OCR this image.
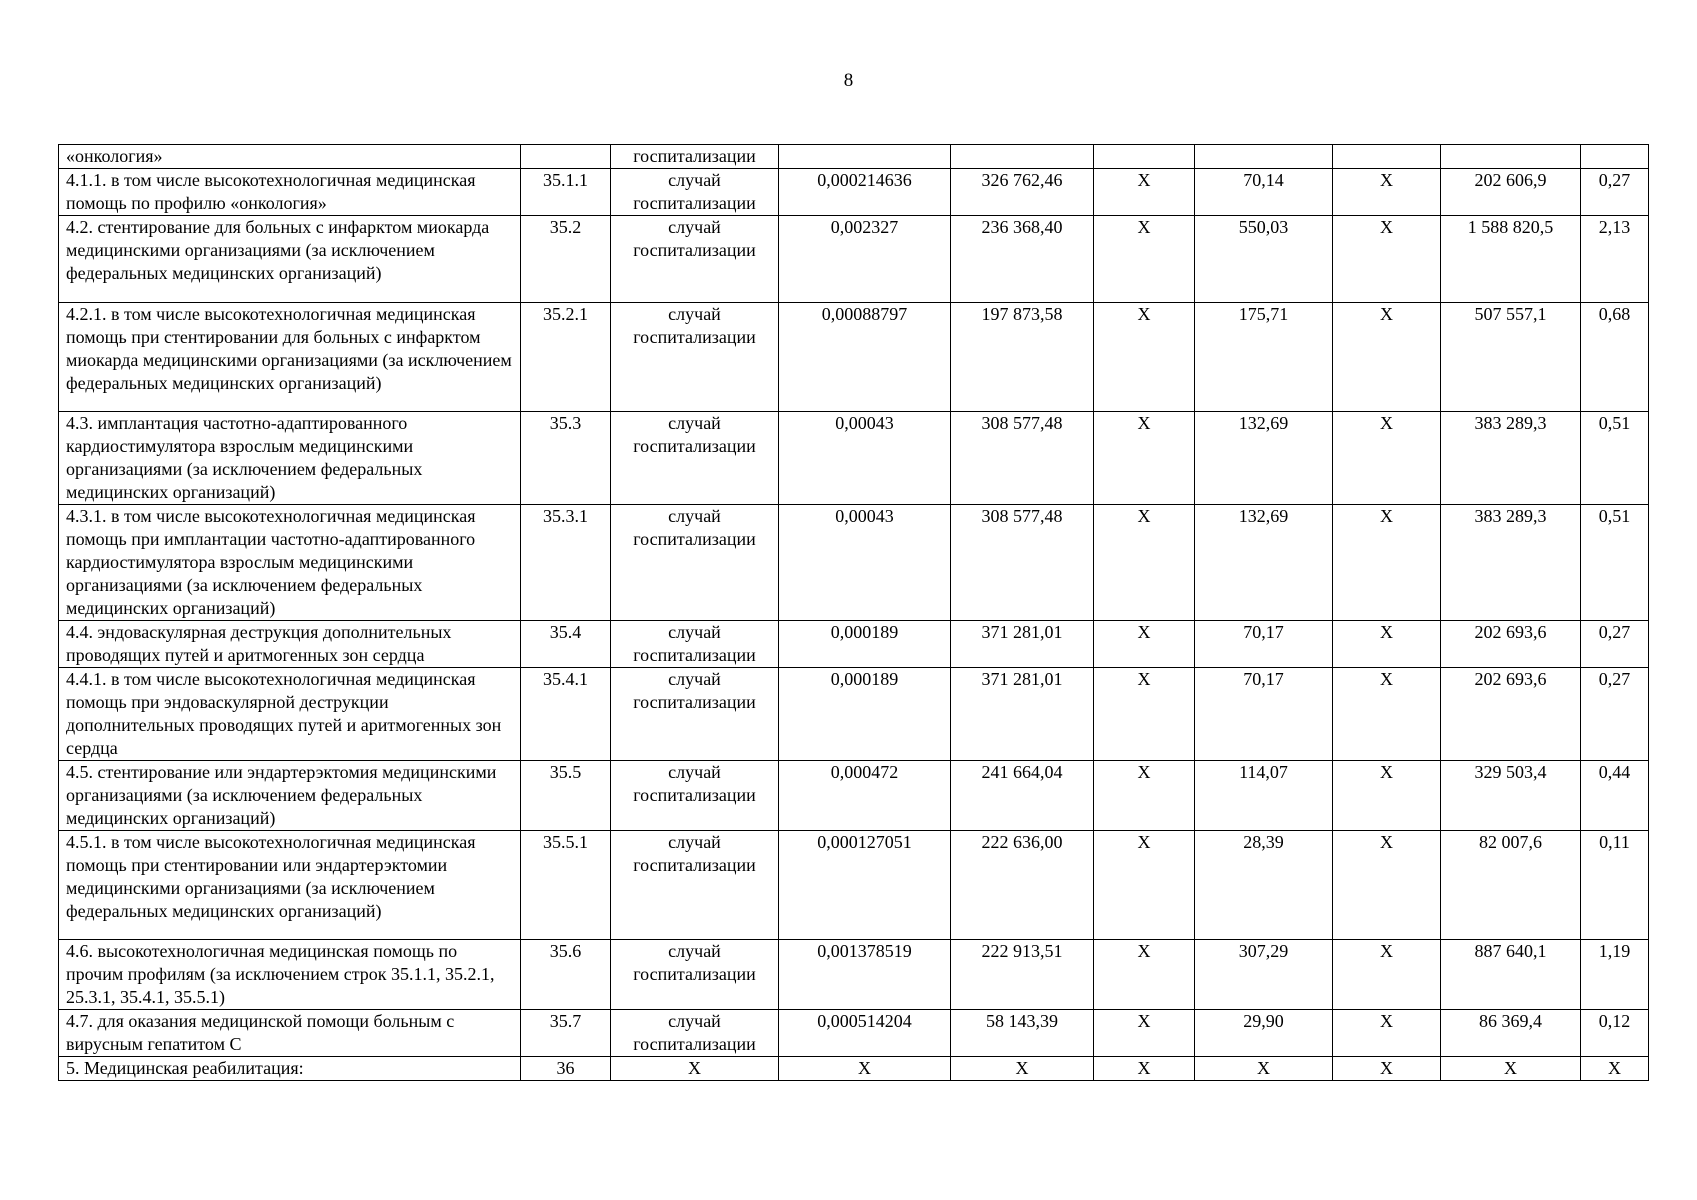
8
«онкология»		госпитализации							
4.1.1. в том числе высокотехнологичная медицинская помощь по профилю «онкология»	35.1.1	случай госпитализации	0,000214636	326 762,46	Х	70,14	Х	202 606,9	0,27
4.2. стентирование для больных с инфарктом миокарда медицинскими организациями (за исключением федеральных медицинских организаций)	35.2	случай госпитализации	0,002327	236 368,40	Х	550,03	Х	1 588 820,5	2,13
4.2.1. в том числе высокотехнологичная медицинская помощь при стентировании для больных с инфарктом миокарда медицинскими организациями (за исключением федеральных медицинских организаций)	35.2.1	случай госпитализации	0,00088797	197 873,58	Х	175,71	Х	507 557,1	0,68
4.3. имплантация частотно-адаптированного кардиостимулятора взрослым медицинскими организациями (за исключением федеральных медицинских организаций)	35.3	случай госпитализации	0,00043	308 577,48	Х	132,69	Х	383 289,3	0,51
4.3.1. в том числе высокотехнологичная медицинская помощь при имплантации частотно-адаптированного кардиостимулятора взрослым медицинскими организациями (за исключением федеральных медицинских организаций)	35.3.1	случай госпитализации	0,00043	308 577,48	Х	132,69	Х	383 289,3	0,51
4.4. эндоваскулярная деструкция дополнительных проводящих путей и аритмогенных зон сердца	35.4	случай госпитализации	0,000189	371 281,01	Х	70,17	Х	202 693,6	0,27
4.4.1. в том числе высокотехнологичная медицинская помощь при эндоваскулярной деструкции дополнительных проводящих путей и аритмогенных зон сердца	35.4.1	случай госпитализации	0,000189	371 281,01	Х	70,17	Х	202 693,6	0,27
4.5. стентирование или эндартерэктомия медицинскими организациями (за исключением федеральных медицинских организаций)	35.5	случай госпитализации	0,000472	241 664,04	Х	114,07	Х	329 503,4	0,44
4.5.1. в том числе высокотехнологичная медицинская помощь при стентировании или эндартерэктомии медицинскими организациями (за исключением федеральных медицинских организаций)	35.5.1	случай госпитализации	0,000127051	222 636,00	Х	28,39	Х	82 007,6	0,11
4.6. высокотехнологичная медицинская помощь по прочим профилям (за исключением строк 35.1.1, 35.2.1, 25.3.1, 35.4.1, 35.5.1)	35.6	случай госпитализации	0,001378519	222 913,51	Х	307,29	Х	887 640,1	1,19
4.7. для оказания медицинской помощи больным с вирусным гепатитом С	35.7	случай госпитализации	0,000514204	58 143,39	Х	29,90	Х	86 369,4	0,12
5. Медицинская реабилитация:	36	Х	Х	Х	Х	Х	Х	Х	Х
